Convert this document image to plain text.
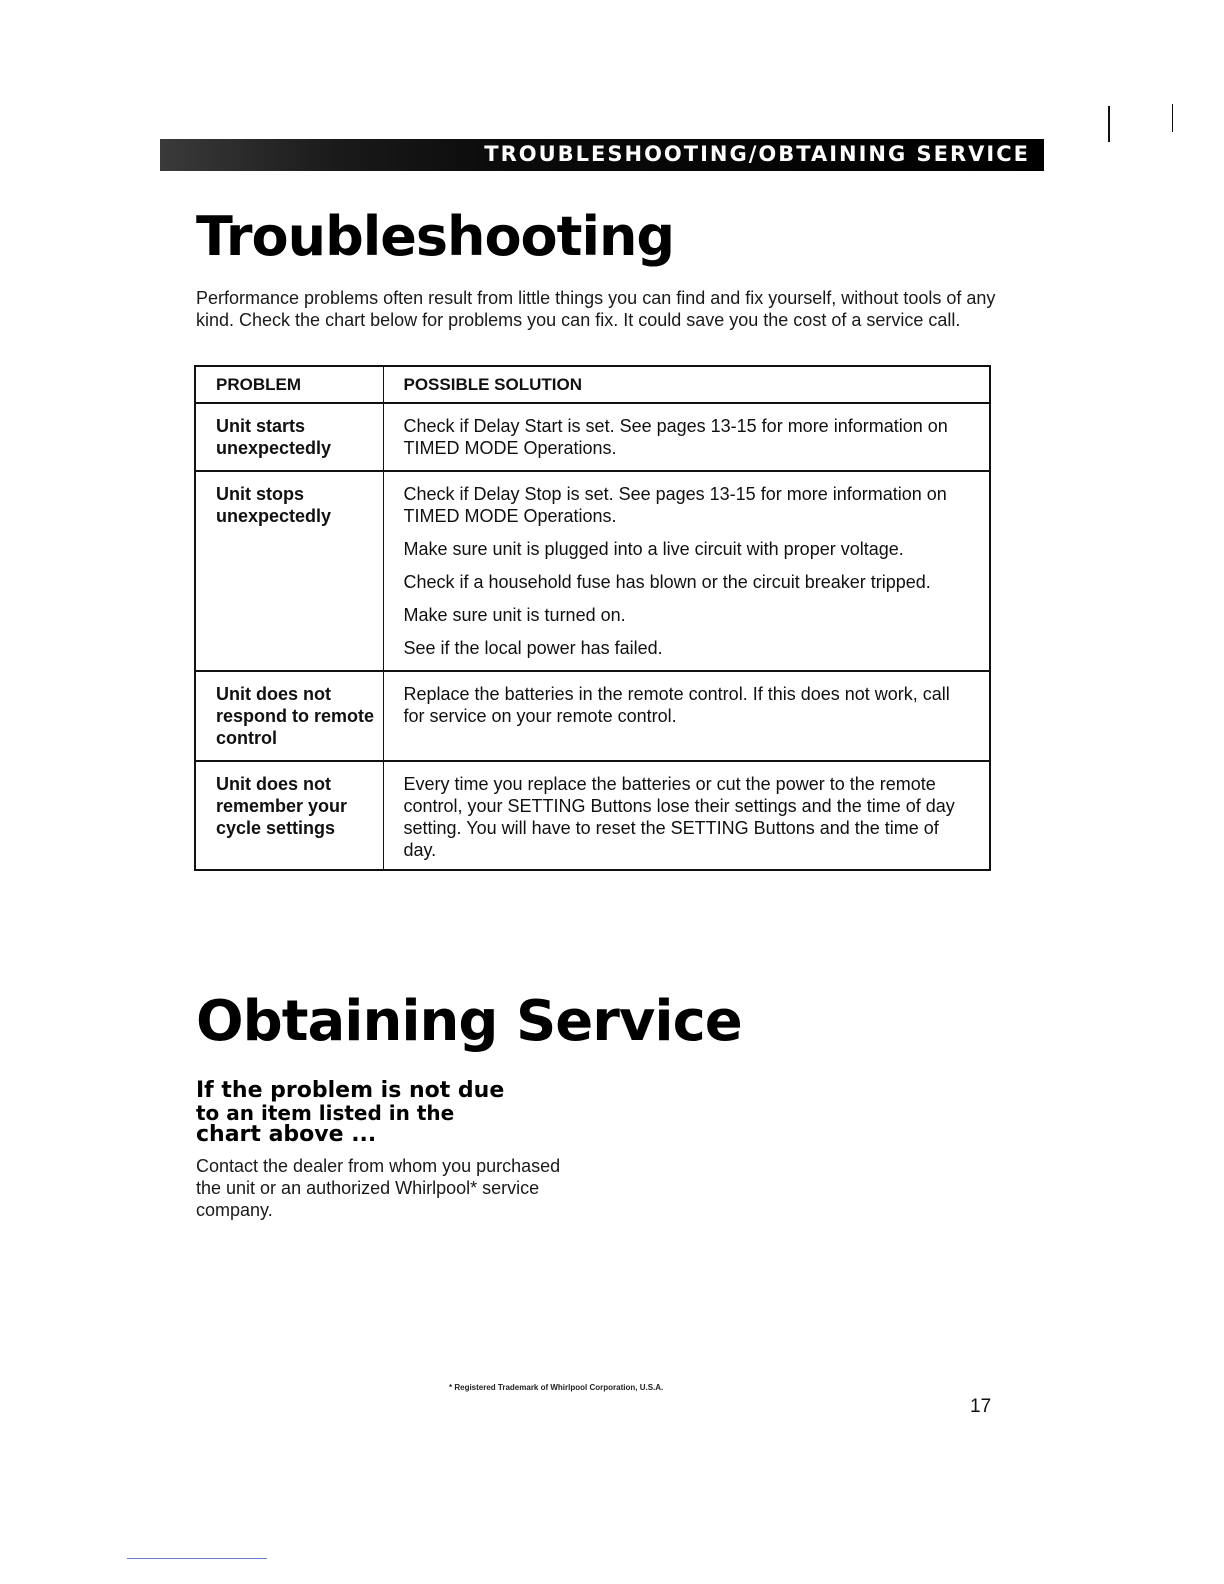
TROUBLESHOOTING/OBTAINING SERVICE
Troubleshooting
Performance problems often result from little things you can find and fix yourself, without tools of any kind. Check the chart below for problems you can fix. It could save you the cost of a service call.
PROBLEM	POSSIBLE SOLUTION

Unit starts unexpectedly	Check if Delay Start is set. See pages 13-15 for more information on TIMED MODE Operations.

Unit stops unexpectedly	Check if Delay Stop is set. See pages 13-15 for more information on TIMED MODE Operations.
Make sure unit is plugged into a live circuit with proper voltage.
Check if a household fuse has blown or the circuit breaker tripped.
Make sure unit is turned on.
See if the local power has failed.

Unit does not respond to remote control	Replace the batteries in the remote control. If this does not work, call for service on your remote control.

Unit does not remember your cycle settings	Every time you replace the batteries or cut the power to the remote control, your SETTING Buttons lose their settings and the time of day setting. You will have to reset the SETTING Buttons and the time of day.
Obtaining Service
If the problem is not due
to an item listed in the
chart above ...
Contact the dealer from whom you purchased the unit or an authorized Whirlpool* service company.
* Registered Trademark of Whirlpool Corporation, U.S.A.
17
